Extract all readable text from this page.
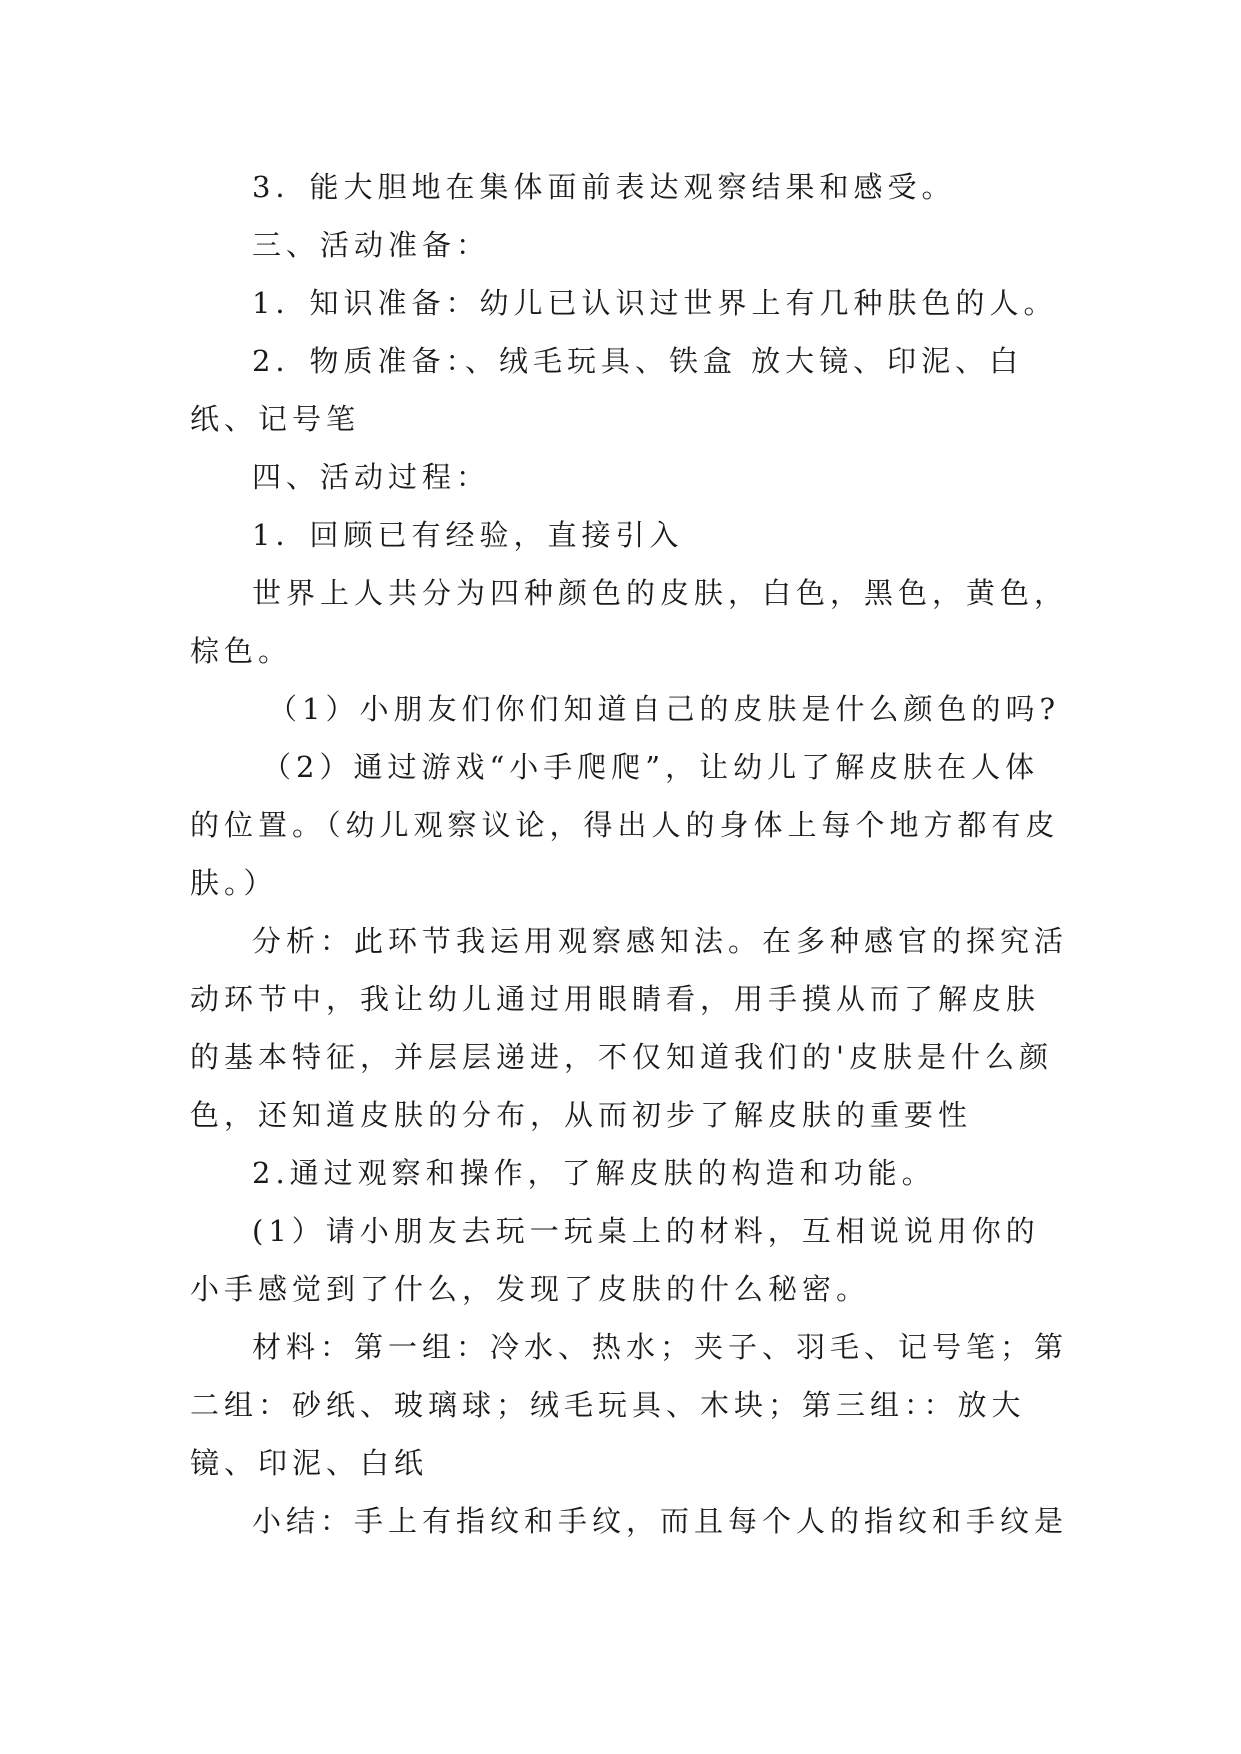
3．能大胆地在集体面前表达观察结果和感受。

三、活动准备：

1．知识准备：幼儿已认识过世界上有几种肤色的人。

2．物质准备：、绒毛玩具、铁盒 放大镜、印泥、白纸、记号笔

四、活动过程：

1．回顾已有经验，直接引入

世界上人共分为四种颜色的皮肤，白色，黑色，黄色，棕色。

（1）小朋友们你们知道自己的皮肤是什么颜色的吗?

（2）通过游戏“小手爬爬”，让幼儿了解皮肤在人体的位置。（幼儿观察议论，得出人的身体上每个地方都有皮肤。）

分析：此环节我运用观察感知法。在多种感官的探究活动环节中，我让幼儿通过用眼睛看，用手摸从而了解皮肤的基本特征，并层层递进，不仅知道我们的'皮肤是什么颜色，还知道皮肤的分布，从而初步了解皮肤的重要性

2.通过观察和操作，了解皮肤的构造和功能。

(1）请小朋友去玩一玩桌上的材料，互相说说用你的小手感觉到了什么，发现了皮肤的什么秘密。

材料：第一组：冷水、热水；夹子、羽毛、记号笔；第二组：砂纸、玻璃球；绒毛玩具、木块；第三组：：放大镜、印泥、白纸

小结：手上有指纹和手纹，而且每个人的指纹和手纹是
